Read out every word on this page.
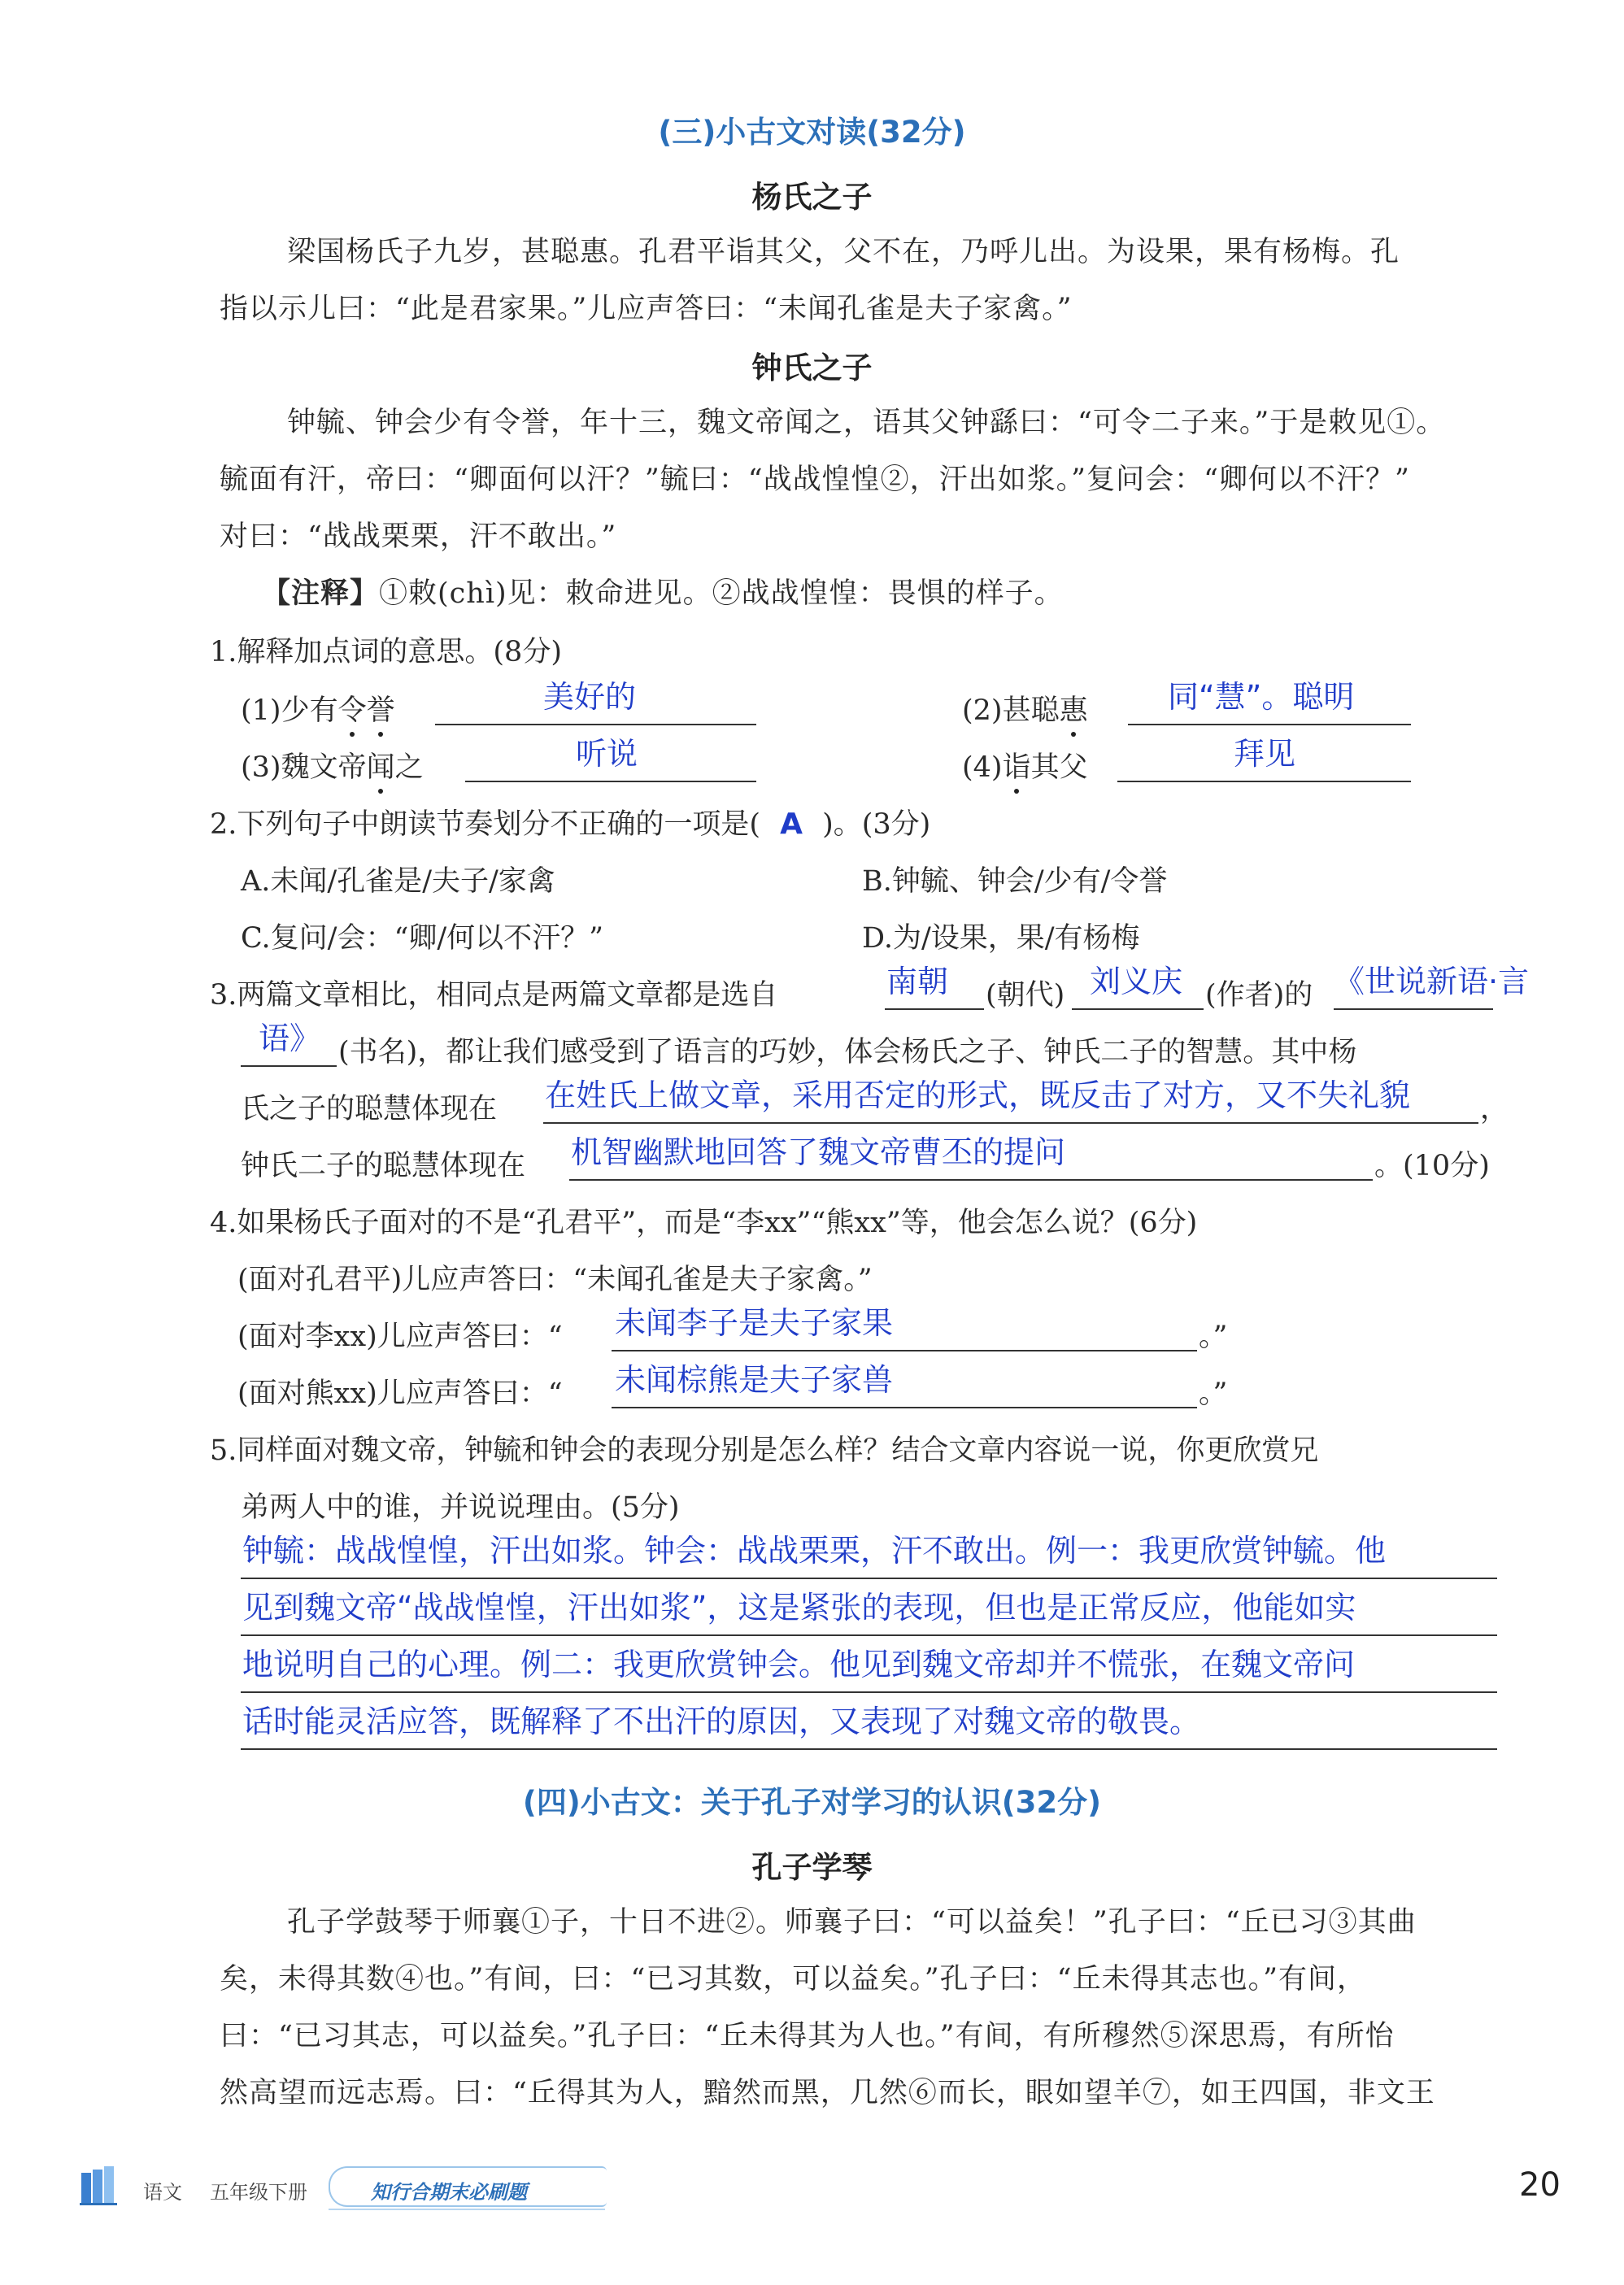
(三)小古文对读(32分)
杨氏之子
梁国杨氏子九岁，甚聪惠。孔君平诣其父，父不在，乃呼儿出。为设果，果有杨梅。孔
指以示儿曰：“此是君家果。”儿应声答曰：“未闻孔雀是夫子家禽。”
钟氏之子
钟毓、钟会少有令誉，年十三，魏文帝闻之，语其父钟繇曰：“可令二子来。”于是敕见①。
毓面有汗，帝曰：“卿面何以汗？”毓曰：“战战惶惶②，汗出如浆。”复问会：“卿何以不汗？”
对曰：“战战栗栗，汗不敢出。”
【注释】①敕(chì)见：敕命进见。②战战惶惶：畏惧的样子。
1.解释加点词的意思。(8分)
(1)少有令誉	美好的	(2)甚聪惠	同“慧”。聪明
(3)魏文帝闻之	听说	(4)诣其父	拜见
2.下列句子中朗读节奏划分不正确的一项是( A )。(3分)
A.未闻/孔雀是/夫子/家禽	B.钟毓、钟会/少有/令誉
C.复问/会：“卿/何以不汗？”	D.为/设果，果/有杨梅
3.两篇文章相比，相同点是两篇文章都是选自	南朝 (朝代) 刘义庆 (作者)的 《世说新语·言
语》 (书名)，都让我们感受到了语言的巧妙，体会杨氏之子、钟氏二子的智慧。其中杨
氏之子的聪慧体现在 在姓氏上做文章，采用否定的形式，既反击了对方，又不失礼貌 ，
钟氏二子的聪慧体现在 机智幽默地回答了魏文帝曹丕的提问	。(10分)
4.如果杨氏子面对的不是“孔君平”，而是“李xx”“熊xx”等，他会怎么说？(6分)
(面对孔君平)儿应声答曰：“未闻孔雀是夫子家禽。”
(面对李xx)儿应声答曰：“ 未闻李子是夫子家果	。”
(面对熊xx)儿应声答曰：“ 未闻棕熊是夫子家兽	。”
5.同样面对魏文帝，钟毓和钟会的表现分别是怎么样？结合文章内容说一说，你更欣赏兄
弟两人中的谁，并说说理由。(5分)
钟毓：战战惶惶，汗出如浆。钟会：战战栗栗，汗不敢出。例一：我更欣赏钟毓。他
见到魏文帝“战战惶惶，汗出如浆”，这是紧张的表现，但也是正常反应，他能如实
地说明自己的心理。例二：我更欣赏钟会。他见到魏文帝却并不慌张，在魏文帝问
话时能灵活应答，既解释了不出汗的原因，又表现了对魏文帝的敬畏。
(四)小古文：关于孔子对学习的认识(32分)
孔子学琴
孔子学鼓琴于师襄①子，十日不进②。师襄子曰：“可以益矣！”孔子曰：“丘已习③其曲
矣，未得其数④也。”有间，曰：“已习其数，可以益矣。”孔子曰：“丘未得其志也。”有间，
曰：“已习其志，可以益矣。”孔子曰：“丘未得其为人也。”有间，有所穆然⑤深思焉，有所怡
然高望而远志焉。曰：“丘得其为人，黯然而黑，几然⑥而长，眼如望羊⑦，如王四国，非文王
语文 五年级下册	知行合期末必刷题	20
